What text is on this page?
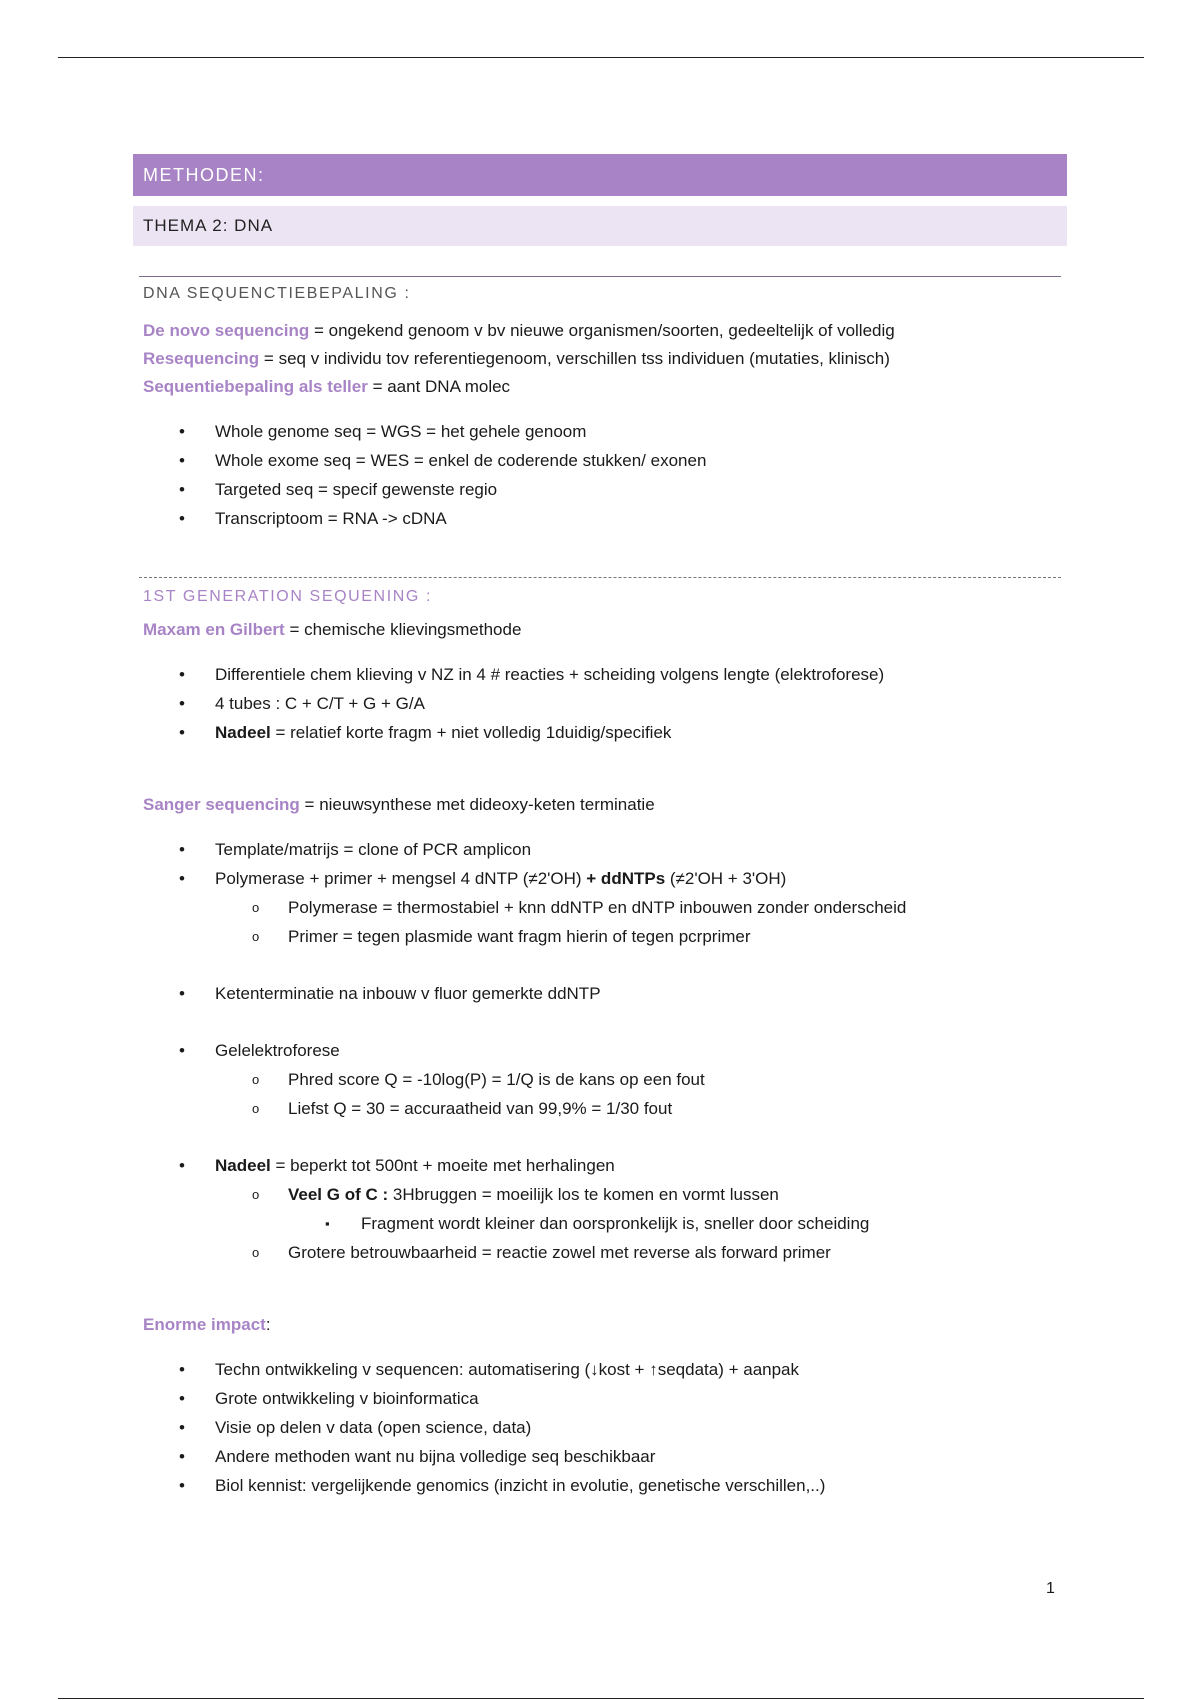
METHODEN:
THEMA 2: DNA
DNA SEQUENCTIEBEPALING :

De novo sequencing = ongekend genoom v bv nieuwe organismen/soorten, gedeeltelijk of volledig

Resequencing = seq v individu tov referentiegenoom, verschillen tss individuen (mutaties, klinisch)

Sequentiebepaling als teller = aant DNA molec

• Whole genome seq = WGS = het gehele genoom
• Whole exome seq = WES = enkel de coderende stukken/ exonen
• Targeted seq = specif gewenste regio
• Transcriptoom = RNA -> cDNA
1ST GENERATION SEQUENING :

Maxam en Gilbert = chemische klievingsmethode

• Differentiele chem klieving v NZ in 4 # reacties + scheiding volgens lengte (elektroforese)
• 4 tubes : C + C/T + G + G/A
• Nadeel = relatief korte fragm + niet volledig 1duidig/specifiek

Sanger sequencing = nieuwsynthese met dideoxy-keten terminatie

• Template/matrijs = clone of PCR amplicon
• Polymerase + primer + mengsel 4 dNTP (≠2'OH) + ddNTPs (≠2'OH + 3'OH)
o Polymerase = thermostabiel + knn ddNTP en dNTP inbouwen zonder onderscheid
o Primer = tegen plasmide want fragm hierin of tegen pcrprimer
• Ketenterminatie na inbouw v fluor gemerkte ddNTP
• Gelelektroforese
o Phred score Q = -10log(P) = 1/Q is de kans op een fout
o Liefst Q = 30 = accuraatheid van 99,9% = 1/30 fout
• Nadeel = beperkt tot 500nt + moeite met herhalingen
o Veel G of C : 3Hbruggen = moeilijk los te komen en vormt lussen
▪ Fragment wordt kleiner dan oorspronkelijk is, sneller door scheiding
o Grotere betrouwbaarheid = reactie zowel met reverse als forward primer

Enorme impact:

• Techn ontwikkeling v sequencen: automatisering (↓kost + ↑seqdata) + aanpak
• Grote ontwikkeling v bioinformatica
• Visie op delen v data (open science, data)
• Andere methoden want nu bijna volledige seq beschikbaar
• Biol kennist: vergelijkende genomics (inzicht in evolutie, genetische verschillen,..)
1
